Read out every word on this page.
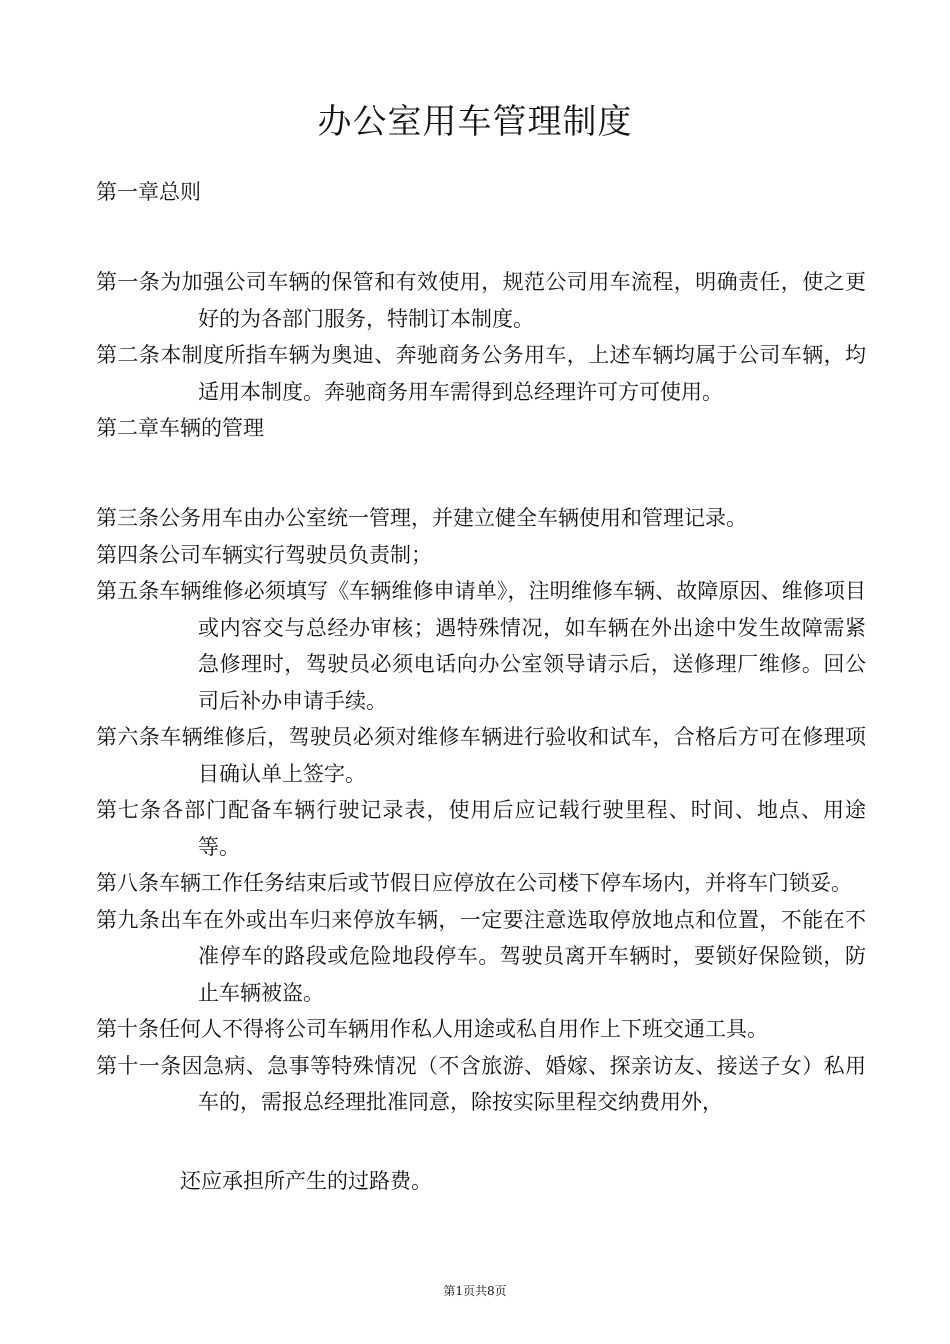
办公室用车管理制度

第一章总则

第一条为加强公司车辆的保管和有效使用，规范公司用车流程，明确责任，使之更好的为各部门服务，特制订本制度。

第二条本制度所指车辆为奥迪、奔驰商务公务用车，上述车辆均属于公司车辆，均适用本制度。奔驰商务用车需得到总经理许可方可使用。

第二章车辆的管理

第三条公务用车由办公室统一管理，并建立健全车辆使用和管理记录。

第四条公司车辆实行驾驶员负责制；

第五条车辆维修必须填写《车辆维修申请单》，注明维修车辆、故障原因、维修项目或内容交与总经办审核；遇特殊情况，如车辆在外出途中发生故障需紧急修理时，驾驶员必须电话向办公室领导请示后，送修理厂维修。回公司后补办申请手续。

第六条车辆维修后，驾驶员必须对维修车辆进行验收和试车，合格后方可在修理项目确认单上签字。

第七条各部门配备车辆行驶记录表，使用后应记载行驶里程、时间、地点、用途等。

第八条车辆工作任务结束后或节假日应停放在公司楼下停车场内，并将车门锁妥。

第九条出车在外或出车归来停放车辆，一定要注意选取停放地点和位置，不能在不准停车的路段或危险地段停车。驾驶员离开车辆时，要锁好保险锁，防止车辆被盗。

第十条任何人不得将公司车辆用作私人用途或私自用作上下班交通工具。

第十一条因急病、急事等特殊情况（不含旅游、婚嫁、探亲访友、接送子女）私用车的，需报总经理批准同意，除按实际里程交纳费用外，

还应承担所产生的过路费。

第1页共8页
